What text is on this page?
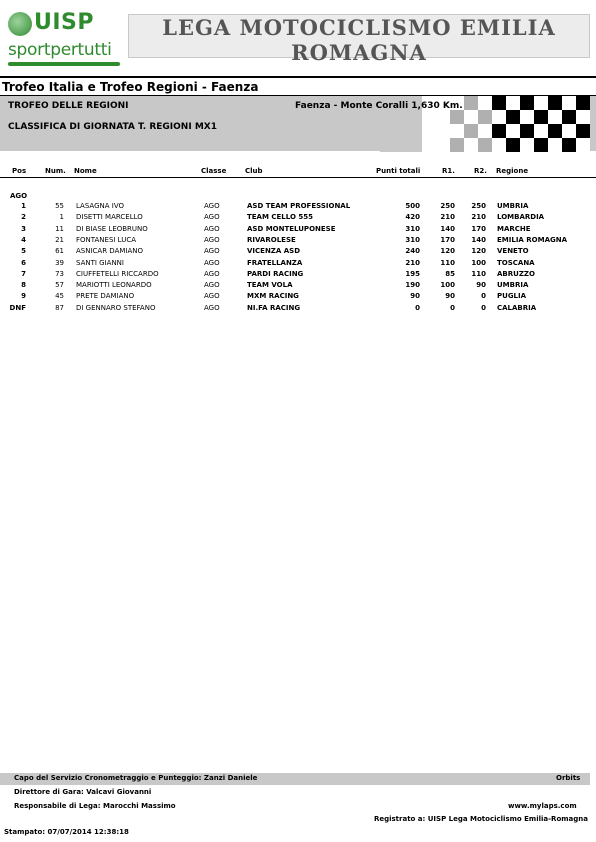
UISP
sportpertutti
LEGA MOTOCICLISMO EMILIA ROMAGNA
Trofeo Italia e Trofeo Regioni - Faenza
TROFEO DELLE REGIONI
CLASSIFICA DI GIORNATA T. REGIONI MX1
Faenza - Monte Coralli 1,630 Km.
Pos	Num. Nome	Classe	Club	Punti totali	R1.	R2. Regione
AGO
1	55 LASAGNA IVO	AGO	ASD TEAM PROFESSIONAL	500	250	250 UMBRIA
2	1 DISETTI MARCELLO	AGO	TEAM CELLO 555	420	210	210 LOMBARDIA
3	11 DI BIASE LEOBRUNO	AGO	ASD MONTELUPONESE	310	140	170 MARCHE
4	21 FONTANESI LUCA	AGO	RIVAROLESE	310	170	140 EMILIA ROMAGNA
5	61 ASNICAR DAMIANO	AGO	VICENZA ASD	240	120	120 VENETO
6	39 SANTI GIANNI	AGO	FRATELLANZA	210	110	100 TOSCANA
7	73 CIUFFETELLI RICCARDO	AGO	PARDI RACING	195	85	110 ABRUZZO
8	57 MARIOTTI LEONARDO	AGO	TEAM VOLA	190	100	90 UMBRIA
9	45 PRETE DAMIANO	AGO	MXM RACING	90	90	0 PUGLIA
DNF	87 DI GENNARO STEFANO	AGO	NI.FA RACING	0	0	0 CALABRIA
Capo del Servizio Cronometraggio e Punteggio: Zanzi Daniele	Orbits
Direttore di Gara: Valcavi Giovanni
Responsabile di Lega: Marocchi Massimo	www.mylaps.com
Registrato a: UISP Lega Motociclismo Emilia-Romagna
Stampato: 07/07/2014 12:38:18
